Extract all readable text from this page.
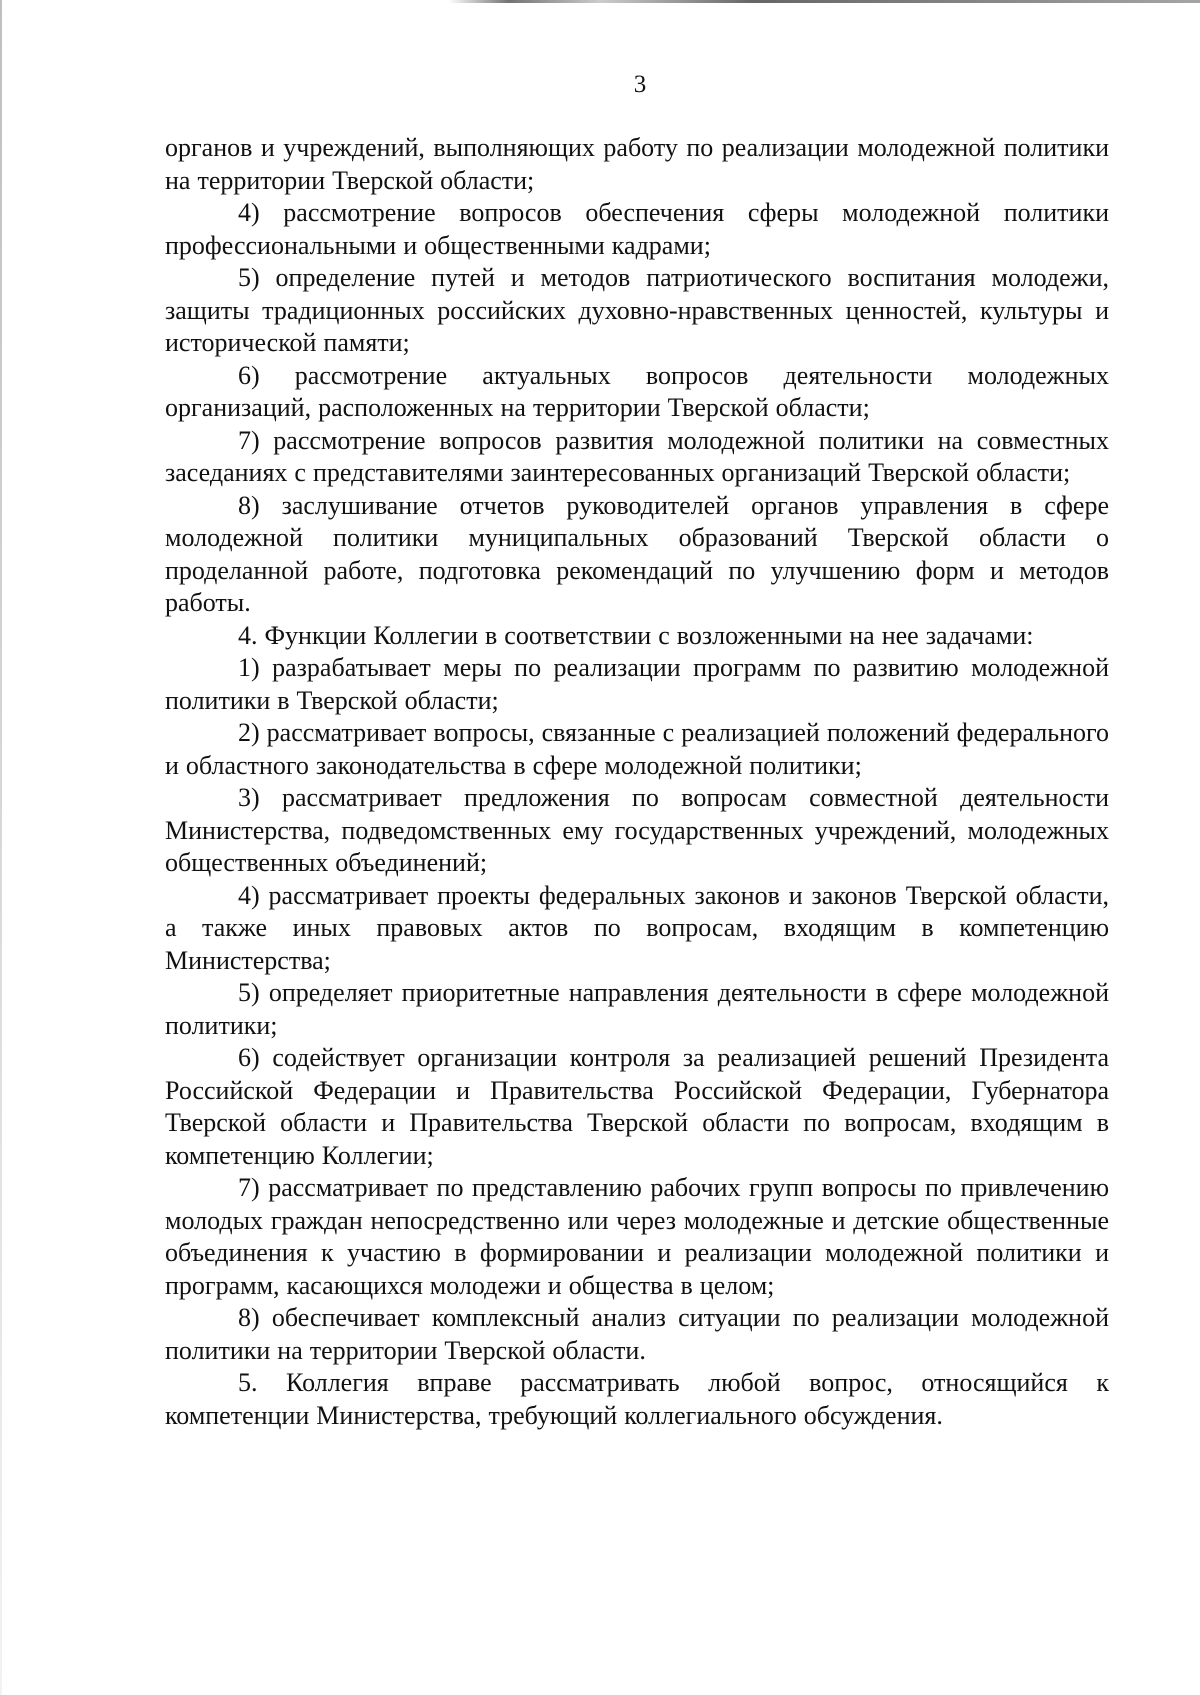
3

органов и учреждений, выполняющих работу по реализации молодежной политики на территории Тверской области;

4) рассмотрение вопросов обеспечения сферы молодежной политики профессиональными и общественными кадрами;

5) определение путей и методов патриотического воспитания молодежи, защиты традиционных российских духовно-нравственных ценностей, культуры и исторической памяти;

6) рассмотрение актуальных вопросов деятельности молодежных организаций, расположенных на территории Тверской области;

7) рассмотрение вопросов развития молодежной политики на совместных заседаниях с представителями заинтересованных организаций Тверской области;

8) заслушивание отчетов руководителей органов управления в сфере молодежной политики муниципальных образований Тверской области о проделанной работе, подготовка рекомендаций по улучшению форм и методов работы.

4. Функции Коллегии в соответствии с возложенными на нее задачами:

1) разрабатывает меры по реализации программ по развитию молодежной политики в Тверской области;

2) рассматривает вопросы, связанные с реализацией положений федерального и областного законодательства в сфере молодежной политики;

3) рассматривает предложения по вопросам совместной деятельности Министерства, подведомственных ему государственных учреждений, молодежных общественных объединений;

4) рассматривает проекты федеральных законов и законов Тверской области, а также иных правовых актов по вопросам, входящим в компетенцию Министерства;

5) определяет приоритетные направления деятельности в сфере молодежной политики;

6) содействует организации контроля за реализацией решений Президента Российской Федерации и Правительства Российской Федерации, Губернатора Тверской области и Правительства Тверской области по вопросам, входящим в компетенцию Коллегии;

7) рассматривает по представлению рабочих групп вопросы по привлечению молодых граждан непосредственно или через молодежные и детские общественные объединения к участию в формировании и реализации молодежной политики и программ, касающихся молодежи и общества в целом;

8) обеспечивает комплексный анализ ситуации по реализации молодежной политики на территории Тверской области.

5. Коллегия вправе рассматривать любой вопрос, относящийся к компетенции Министерства, требующий коллегиального обсуждения.
